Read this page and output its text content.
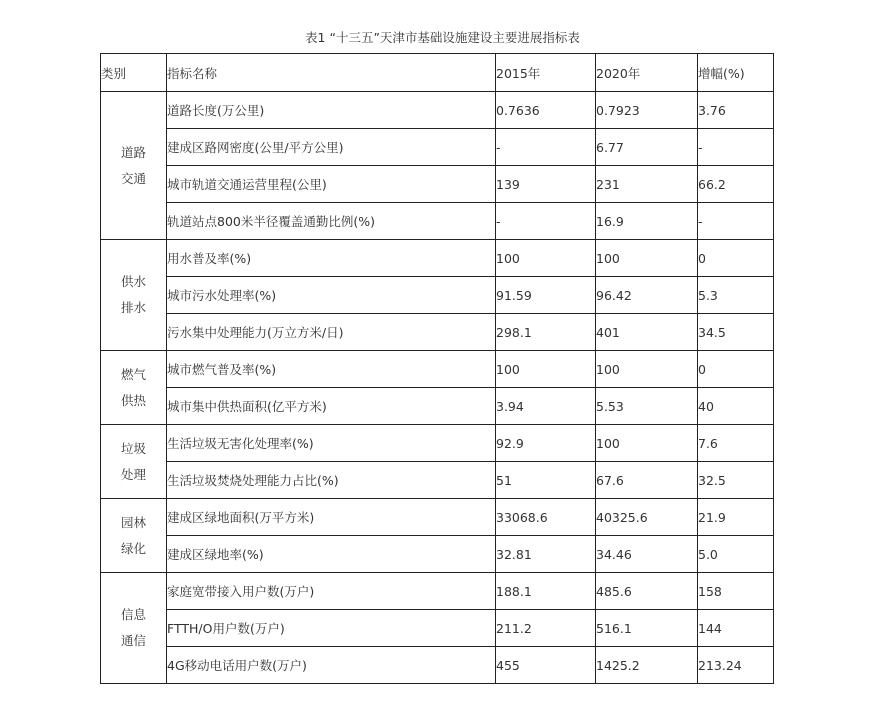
表1 “十三五”天津市基础设施建设主要进展指标表
类别	指标名称	2015年	2020年	增幅(%)

道路
交通	道路长度(万公里)	0.7636	0.7923	3.76
	建成区路网密度(公里/平方公里)	-	6.77	-
	城市轨道交通运营里程(公里)	139	231	66.2
	轨道站点800米半径覆盖通勤比例(%)	-	16.9	-

供水
排水	用水普及率(%)	100	100	0
	城市污水处理率(%)	91.59	96.42	5.3
	污水集中处理能力(万立方米/日)	298.1	401	34.5

燃气
供热	城市燃气普及率(%)	100	100	0
	城市集中供热面积(亿平方米)	3.94	5.53	40

垃圾
处理	生活垃圾无害化处理率(%)	92.9	100	7.6
	生活垃圾焚烧处理能力占比(%)	51	67.6	32.5

园林
绿化	建成区绿地面积(万平方米)	33068.6	40325.6	21.9
	建成区绿地率(%)	32.81	34.46	5.0

信息
通信	家庭宽带接入用户数(万户)	188.1	485.6	158
	FTTH/O用户数(万户)	211.2	516.1	144
	4G移动电话用户数(万户)	455	1425.2	213.24
